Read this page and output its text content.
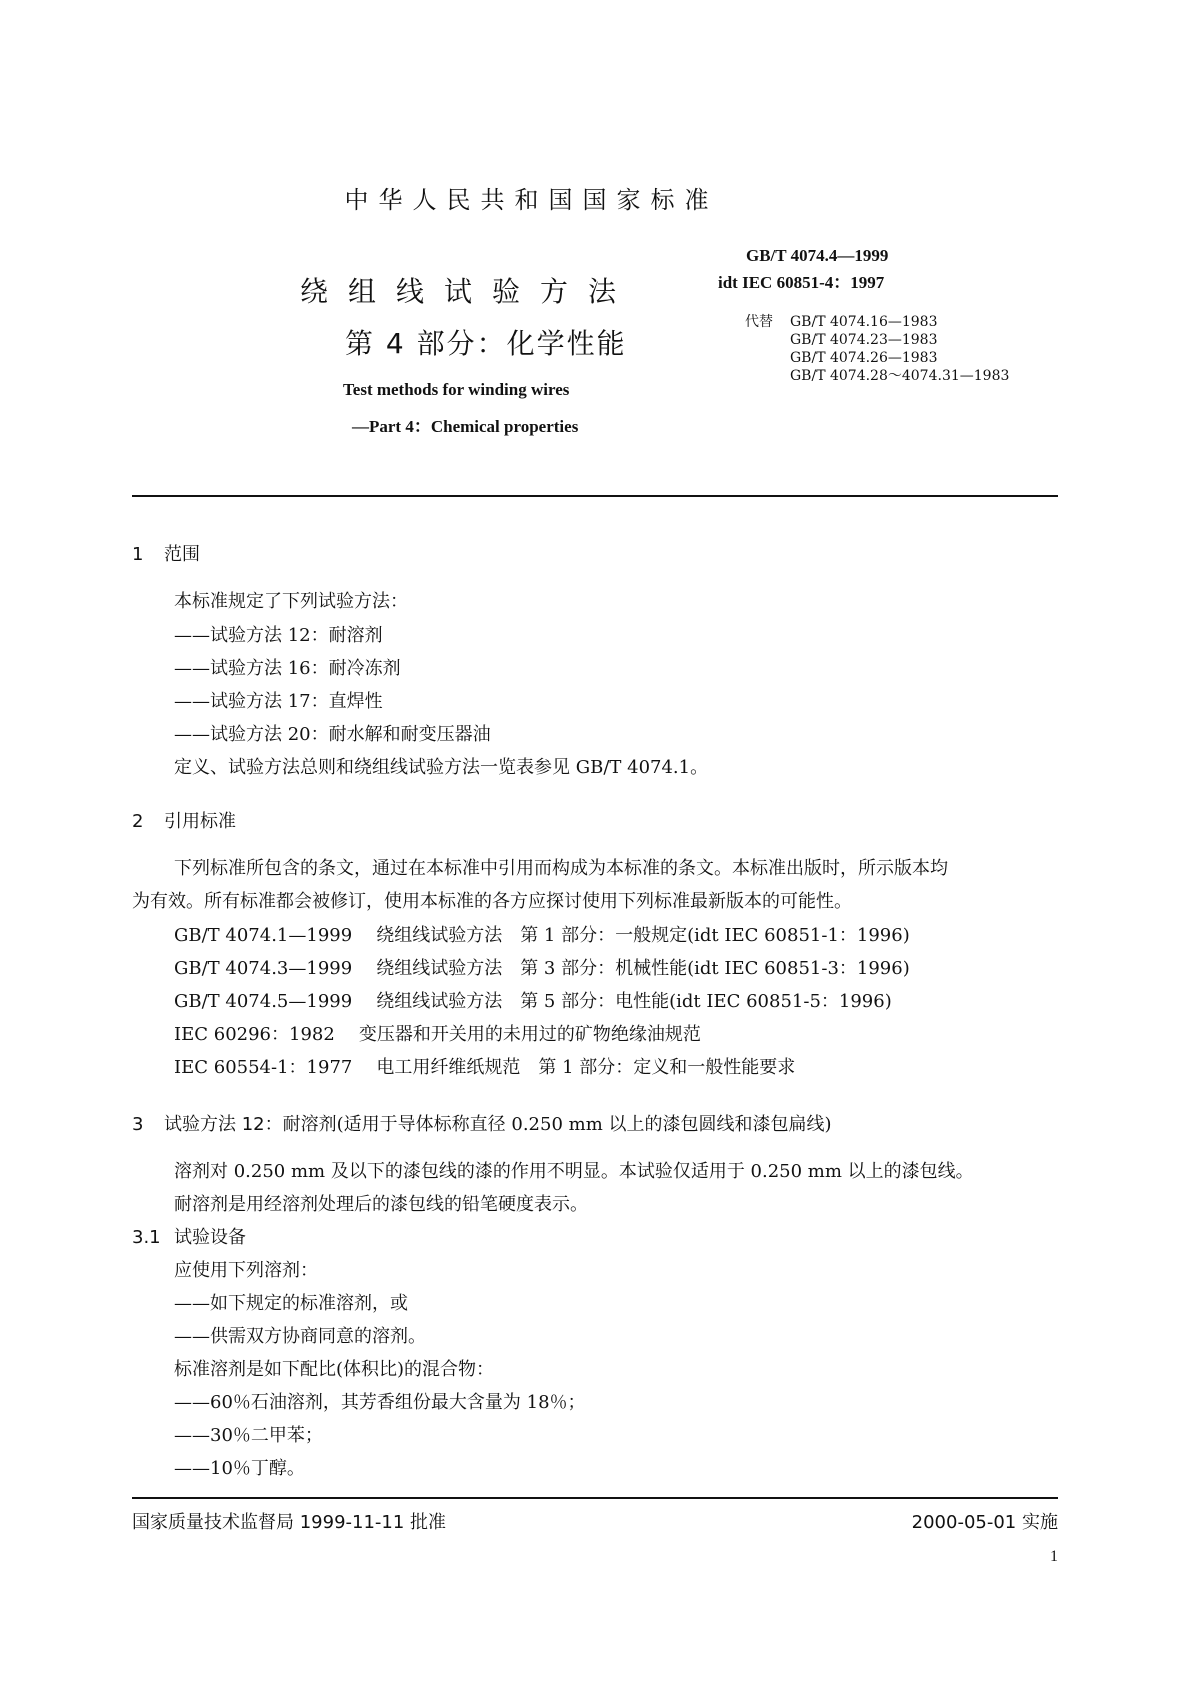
中华人民共和国国家标准
绕组线试验方法
第 4 部分：化学性能
Test methods for winding wires
—Part 4：Chemical properties
GB/T 4074.4—1999
idt IEC 60851-4：1997
代替 GB/T 4074.16—1983
GB/T 4074.23—1983
GB/T 4074.26—1983
GB/T 4074.28～4074.31—1983
1 范围
本标准规定了下列试验方法：
——试验方法 12：耐溶剂
——试验方法 16：耐冷冻剂
——试验方法 17：直焊性
——试验方法 20：耐水解和耐变压器油
定义、试验方法总则和绕组线试验方法一览表参见 GB/T 4074.1。
2 引用标准
下列标准所包含的条文，通过在本标准中引用而构成为本标准的条文。本标准出版时，所示版本均
为有效。所有标准都会被修订，使用本标准的各方应探讨使用下列标准最新版本的可能性。
GB/T 4074.1—1999 绕组线试验方法　第 1 部分：一般规定(idt IEC 60851-1：1996)
GB/T 4074.3—1999 绕组线试验方法　第 3 部分：机械性能(idt IEC 60851-3：1996)
GB/T 4074.5—1999 绕组线试验方法　第 5 部分：电性能(idt IEC 60851-5：1996)
IEC 60296：1982 变压器和开关用的未用过的矿物绝缘油规范
IEC 60554-1：1977 电工用纤维纸规范　第 1 部分：定义和一般性能要求
3 试验方法 12：耐溶剂(适用于导体标称直径 0.250 mm 以上的漆包圆线和漆包扁线)
溶剂对 0.250 mm 及以下的漆包线的漆的作用不明显。本试验仅适用于 0.250 mm 以上的漆包线。
耐溶剂是用经溶剂处理后的漆包线的铅笔硬度表示。
3.1 试验设备
应使用下列溶剂：
——如下规定的标准溶剂，或
——供需双方协商同意的溶剂。
标准溶剂是如下配比(体积比)的混合物：
——60％石油溶剂，其芳香组份最大含量为 18％；
——30％二甲苯；
——10％丁醇。
国家质量技术监督局 1999-11-11 批准	2000-05-01 实施
1
